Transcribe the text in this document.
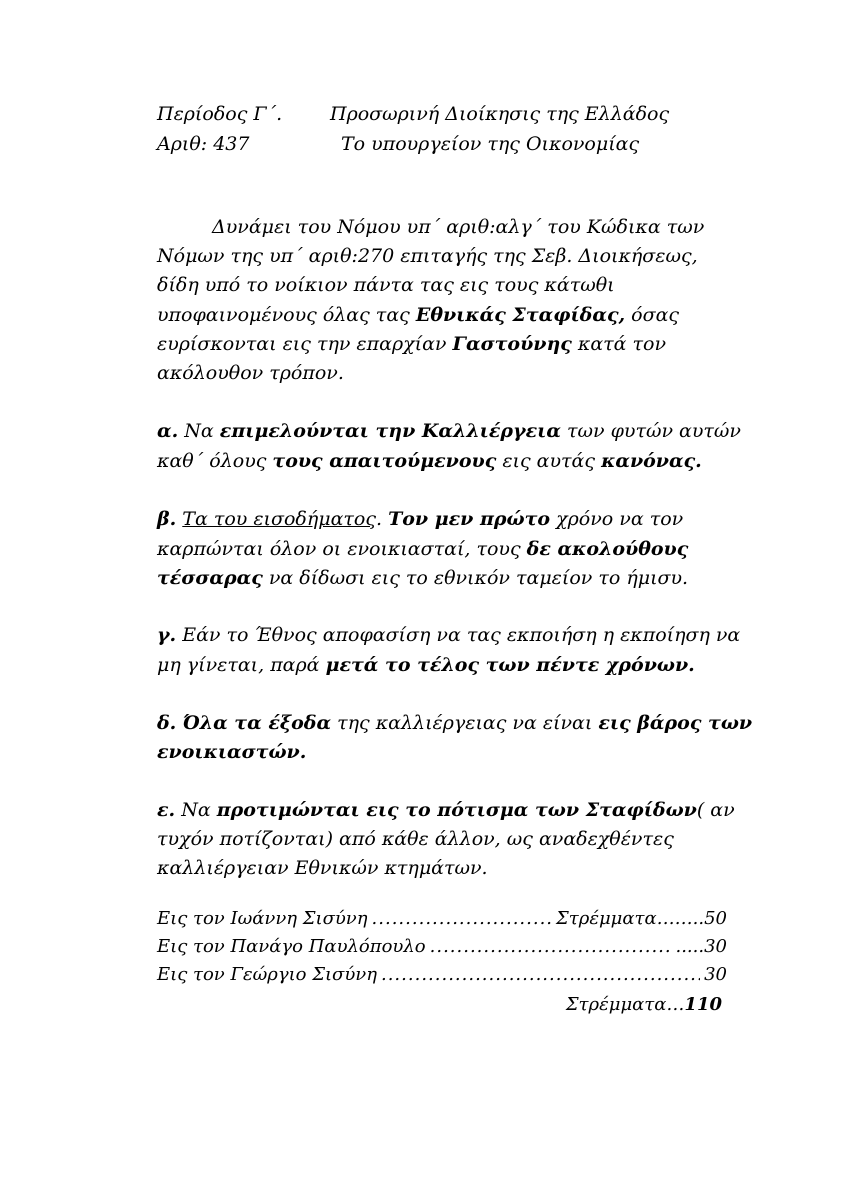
Περίοδος Γ΄.	Προσωρινή Διοίκησις της Ελλάδος
Αριθ: 437	Το υπουργείον της Οικονομίας
Δυνάμει του Νόμου υπ΄ αριθ:αλγ΄ του Κώδικα των
Νόμων της υπ΄ αριθ:270 επιταγής της Σεβ. Διοικήσεως,
δίδη υπό το νοίκιον πάντα τας εις τους κάτωθι
υποφαινομένους όλας τας Εθνικάς Σταφίδας, όσας
ευρίσκονται εις την επαρχίαν Γαστούνης κατά τον
ακόλουθον τρόπον.
α. Να επιμελούνται την Καλλιέργεια των φυτών αυτών
καθ΄ όλους τους απαιτούμενους εις αυτάς κανόνας.
β. Τα του εισοδήματος. Τον μεν πρώτο χρόνο να τον
καρπώνται όλον οι ενοικιασταί, τους δε ακολούθους
τέσσαρας να δίδωσι εις το εθνικόν ταμείον το ήμισυ.
γ. Εάν το Έθνος αποφασίση να τας εκποιήση η εκποίηση να
μη γίνεται, παρά μετά το τέλος των πέντε χρόνων.
δ. Όλα τα έξοδα της καλλιέργειας να είναι εις βάρος των
ενοικιαστών.
ε. Να προτιμώνται εις το πότισμα των Σταφίδων( αν
τυχόν ποτίζονται) από κάθε άλλον, ως αναδεχθέντες
καλλιέργειαν Εθνικών κτημάτων.
Εις τον Ιωάννη Σισύνη .....	Στρέμματα……..50
Εις τον Πανάγο Παυλόπουλο .....	.....30
Εις τον Γεώργιο Σισύνη .....	30
Στρέμματα…110
